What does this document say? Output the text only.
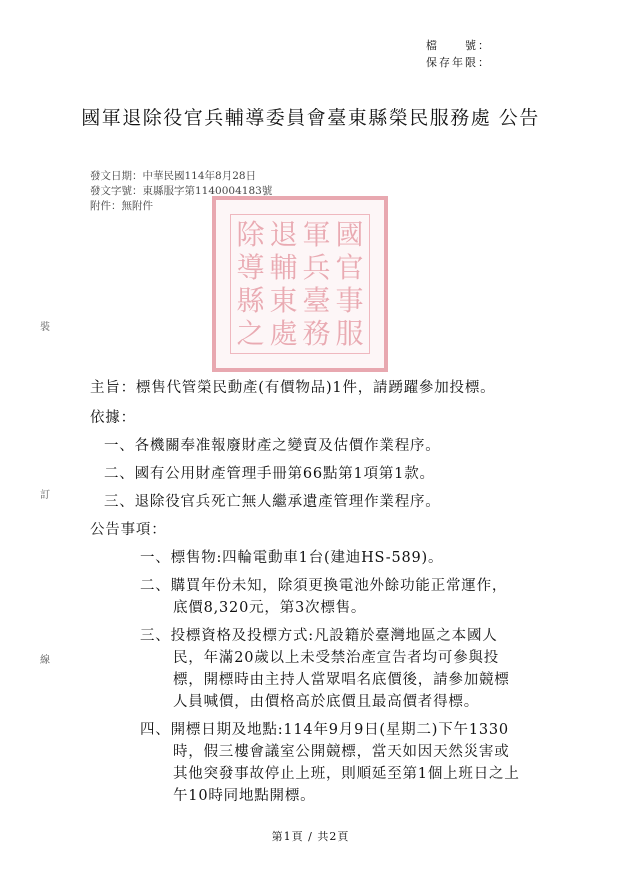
檔　　號：
保存年限：
國軍退除役官兵輔導委員會臺東縣榮民服務處 公告
發文日期：中華民國114年8月28日
發文字號：東縣服字第1140004183號
附件：無附件
國
官
事
服
軍
兵
臺
務
退
輔
東
處
除
導
縣
之
裝
訂
線
主旨：標售代管榮民動產(有價物品)1件，請踴躍參加投標。
依據：
一、各機關奉准報廢財產之變賣及估價作業程序。
二、國有公用財產管理手冊第66點第1項第1款。
三、退除役官兵死亡無人繼承遺產管理作業程序。
公告事項：
一、標售物:四輪電動車1台(建迪HS-589)。
二、購買年份未知，除須更換電池外餘功能正常運作，
底價8,320元，第3次標售。
三、投標資格及投標方式:凡設籍於臺灣地區之本國人
民，年滿20歲以上未受禁治產宣告者均可參與投
標，開標時由主持人當眾唱名底價後，請參加競標
人員喊價，由價格高於底價且最高價者得標。
四、開標日期及地點:114年9月9日(星期二)下午1330
時，假三樓會議室公開競標，當天如因天然災害或
其他突發事故停止上班，則順延至第1個上班日之上
午10時同地點開標。
第1頁 / 共2頁
